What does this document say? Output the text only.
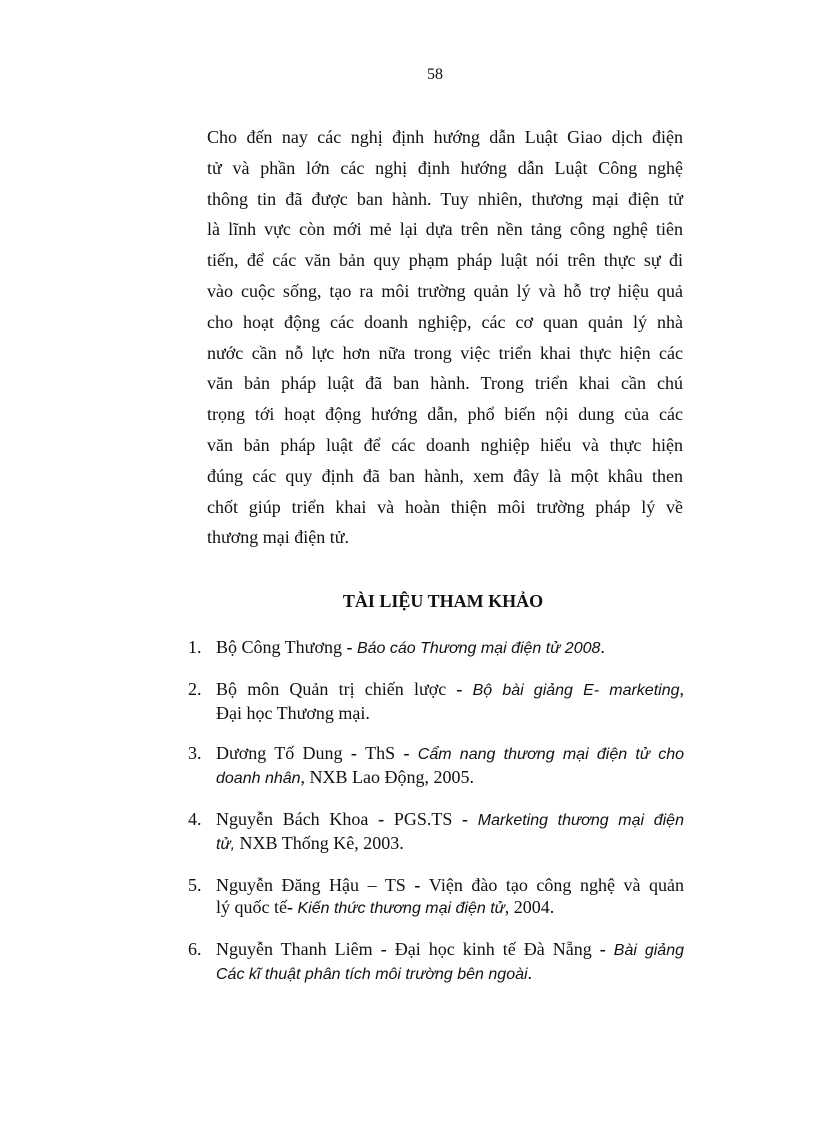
58
Cho đến nay các nghị định hướng dẫn Luật Giao dịch điện
tử và phần lớn các nghị định hướng dẫn Luật Công nghệ
thông tin đã được ban hành. Tuy nhiên, thương mại điện tử
là lĩnh vực còn mới mẻ lại dựa trên nền tảng công nghệ tiên
tiến, để các văn bản quy phạm pháp luật nói trên thực sự đi
vào cuộc sống, tạo ra môi trường quản lý và hỗ trợ hiệu quả
cho hoạt động các doanh nghiệp, các cơ quan quản lý nhà
nước cần nỗ lực hơn nữa trong việc triển khai thực hiện các
văn bản pháp luật đã ban hành. Trong triển khai cần chú
trọng tới hoạt động hướng dẫn, phổ biến nội dung của các
văn bản pháp luật để các doanh nghiệp hiểu và thực hiện
đúng các quy định đã ban hành, xem đây là một khâu then
chốt giúp triển khai và hoàn thiện môi trường pháp lý về
thương mại điện tử.
TÀI LIỆU THAM KHẢO
1. Bộ Công Thương - Báo cáo Thương mại điện tử 2008.
2. Bộ môn Quản trị chiến lược - Bộ bài giảng E- marketing,
Đại học Thương mại.
3. Dương Tố Dung - ThS - Cẩm nang thương mại điện tử cho
doanh nhân, NXB Lao Động, 2005.
4. Nguyễn Bách Khoa - PGS.TS - Marketing thương mại điện
tử, NXB Thống Kê, 2003.
5. Nguyễn Đăng Hậu – TS - Viện đào tạo công nghệ và quản
lý quốc tế- Kiến thức thương mại điện tử, 2004.
6. Nguyễn Thanh Liêm - Đại học kinh tế Đà Nẵng - Bài giảng
Các kĩ thuật phân tích môi trường bên ngoài.
